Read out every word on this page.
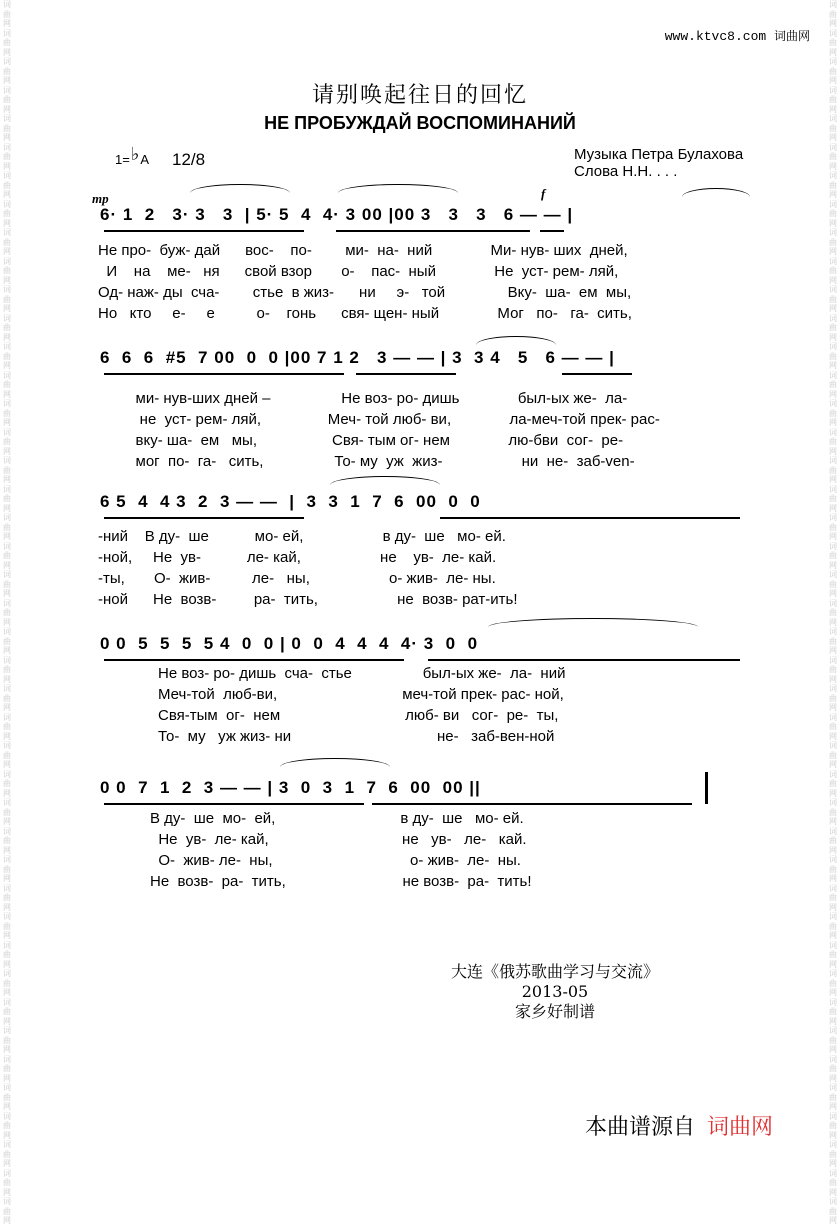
词曲网词曲网词曲网词曲网词曲网词曲网词曲网词曲网词曲网词曲网词曲网词曲网词曲网词曲网词曲网词曲网词曲网词曲网词曲网词曲网词曲网词曲网词曲网词曲网词曲网词曲网词曲网词曲网词曲网词曲网词曲网词曲网词曲网词曲网词曲网词曲网词曲网词曲网词曲网词曲网词曲网词曲网词曲网
词曲网词曲网词曲网词曲网词曲网词曲网词曲网词曲网词曲网词曲网词曲网词曲网词曲网词曲网词曲网词曲网词曲网词曲网词曲网词曲网词曲网词曲网词曲网词曲网词曲网词曲网词曲网词曲网词曲网词曲网词曲网词曲网词曲网词曲网词曲网词曲网词曲网词曲网词曲网词曲网词曲网词曲网词曲网
www.ktvc8.com 词曲网
请别唤起往日的回忆
НЕ ПРОБУЖДАЙ ВОСПОМИНАНИЙ
1=♭A 12/8	Музыка Петра Булахова
Слова Н.Н. . . .
mp	f
6· 1  2   3· 3   3  | 5· 5  4  4· 3 00 |00 3   3   3   6 — — |
Не про-  буж- дай      вос-    по-        ми-  на-  ний              Ми- нув- ших  дней,
И    на    ме-   ня      свой взор       о-    пас-  ный              Не  уст- рем- ляй,
Од- наж- ды  сча-        стье  в жиз-      ни     э-   той               Вку-  ша-  ем  мы,
Но   кто     е-     е          о-    гонь      свя- щен- ный              Мог   по-   га-  сить,
6  6  6  #5  7 00  0  0 |00 7 1 2   3 — — | 3  3 4   5   6 — — |
ми- нув-ших дней –                 Не воз- ро- дишь              был-ых же-  ла-
не  уст- рем- ляй,                Меч- той люб- ви,              ла-меч-той прек- рас-
вку- ша-  ем   мы,                  Свя- тым ог- нем              лю-бви  сог-  ре-
мог  по-  га-   сить,                 То- му  уж  жиз-                   ни  не-  заб-ven-
6 5  4  4 3  2  3 — —  |  3  3  1  7  6  00  0  0
-ний    В ду-  ше           мо- ей,                   в ду-  ше   мо- ей.
-ной,     Не  ув-           ле- кай,                   не    ув-  ле- кай.
-ты,       О-  жив-          ле-   ны,                   о- жив-  ле- ны.
-ной      Не  возв-         ра-  тить,                   не  возв- рат-ить!
0 0  5  5  5  5 4  0  0 | 0  0  4  4  4  4· 3  0  0
Не воз- ро- дишь  сча-  стье                 был-ых же-  ла-  ний
Меч-той  люб-ви,                              меч-той прек- рас- ной,
Свя-тым  ог-  нем                              люб- ви   сог-  ре-  ты,
То-  му   уж жиз- ни                                   не-   заб-вен-ной
0 0  7  1  2  3 — — | 3  0  3  1  7  6  00  00 ||
В ду-  ше  мо-  ей,                              в ду-  ше   мо- ей.
Не  ув-  ле- кай,                                не   ув-   ле-   кай.
О-  жив- ле-  ны,                                 о- жив-  ле-  ны.
Не  возв-  ра-  тить,                            не возв-  ра-  тить!
大连《俄苏歌曲学习与交流》
2013-05
家乡好制谱
本曲谱源自 词曲网
